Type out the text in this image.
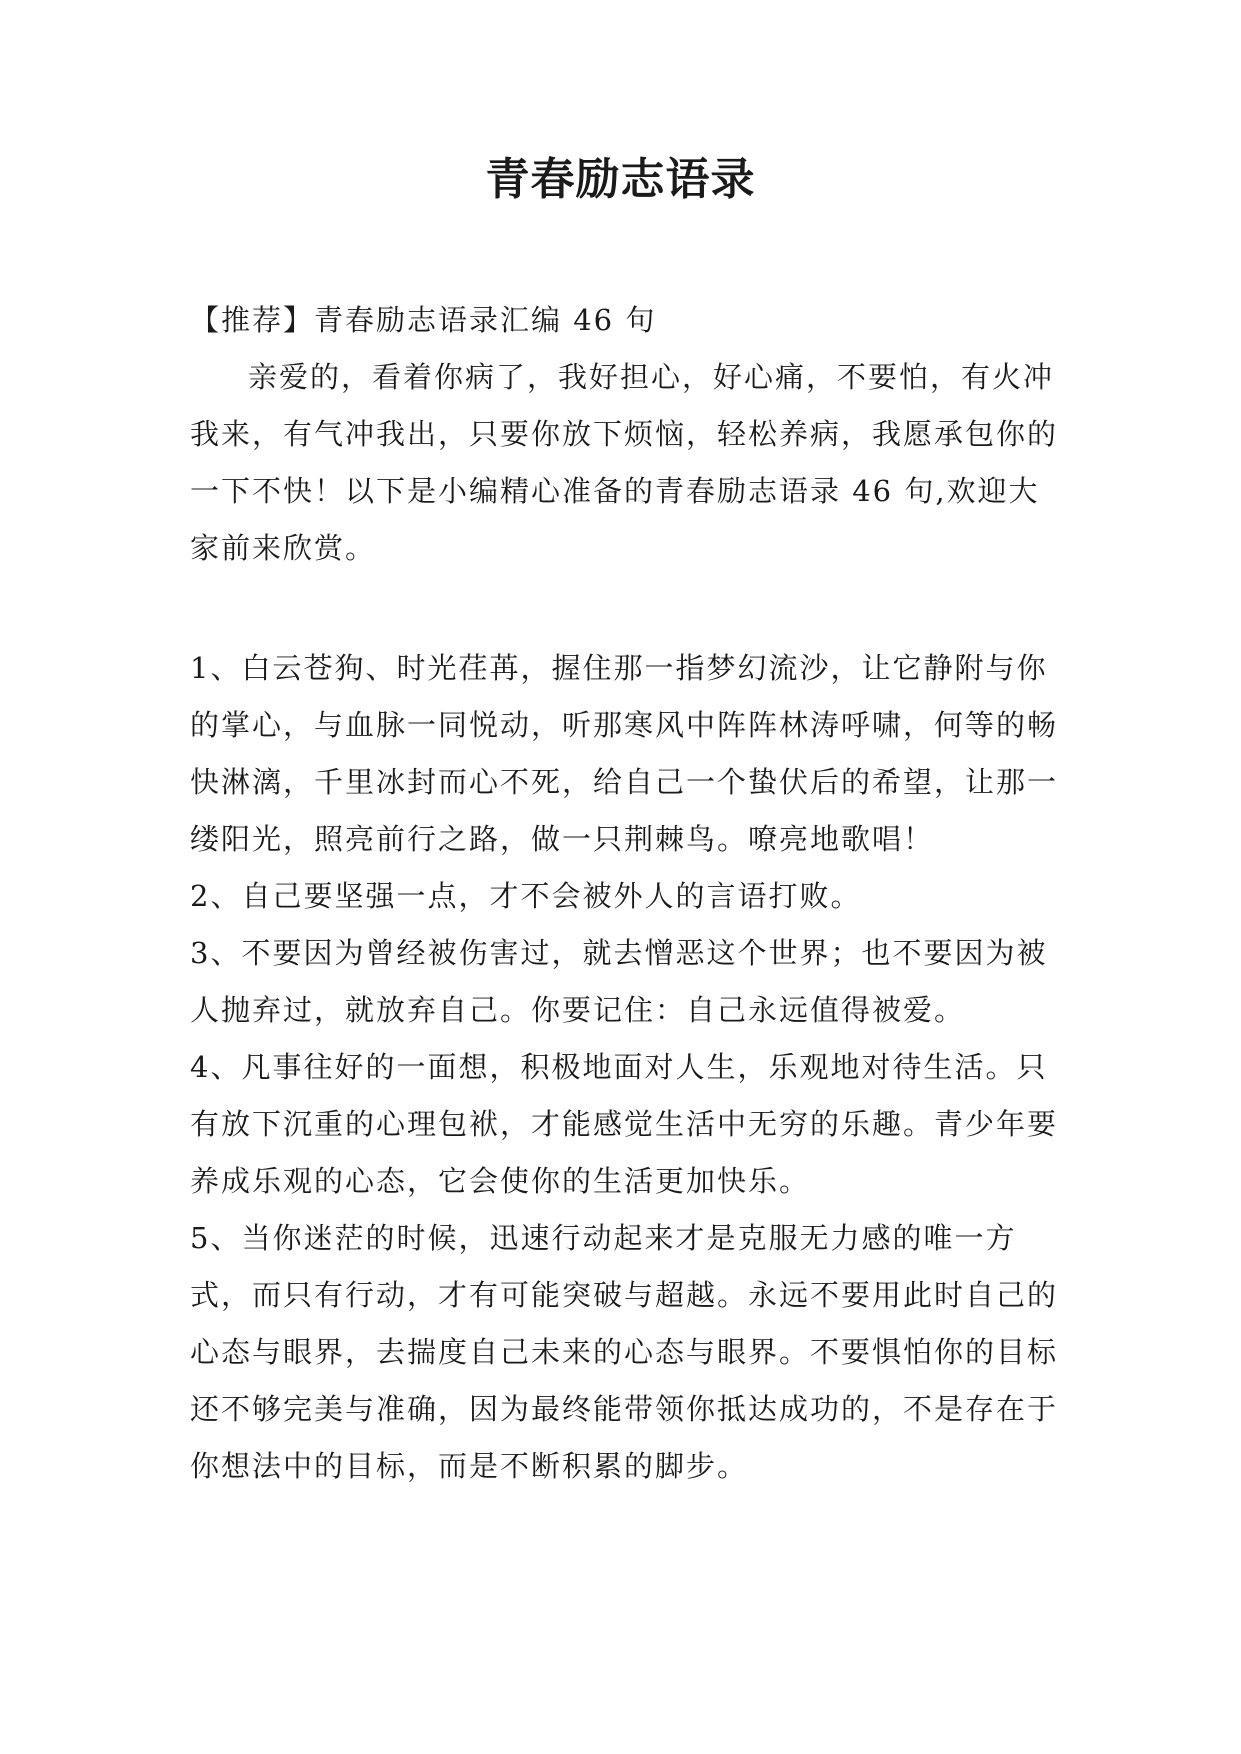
青春励志语录

【推荐】青春励志语录汇编 46 句

亲爱的，看着你病了，我好担心，好心痛，不要怕，有火冲我来，有气冲我出，只要你放下烦恼，轻松养病，我愿承包你的一下不快！以下是小编精心准备的青春励志语录 46 句,欢迎大家前来欣赏。

1、白云苍狗、时光荏苒，握住那一指梦幻流沙，让它静附与你的掌心，与血脉一同悦动，听那寒风中阵阵林涛呼啸，何等的畅快淋漓，千里冰封而心不死，给自己一个蛰伏后的希望，让那一缕阳光，照亮前行之路，做一只荆棘鸟。嘹亮地歌唱！

2、自己要坚强一点，才不会被外人的言语打败。

3、不要因为曾经被伤害过，就去憎恶这个世界；也不要因为被人抛弃过，就放弃自己。你要记住：自己永远值得被爱。

4、凡事往好的一面想，积极地面对人生，乐观地对待生活。只有放下沉重的心理包袱，才能感觉生活中无穷的乐趣。青少年要养成乐观的心态，它会使你的生活更加快乐。

5、当你迷茫的时候，迅速行动起来才是克服无力感的唯一方式，而只有行动，才有可能突破与超越。永远不要用此时自己的心态与眼界，去揣度自己未来的心态与眼界。不要惧怕你的目标还不够完美与准确，因为最终能带领你抵达成功的，不是存在于你想法中的目标，而是不断积累的脚步。
